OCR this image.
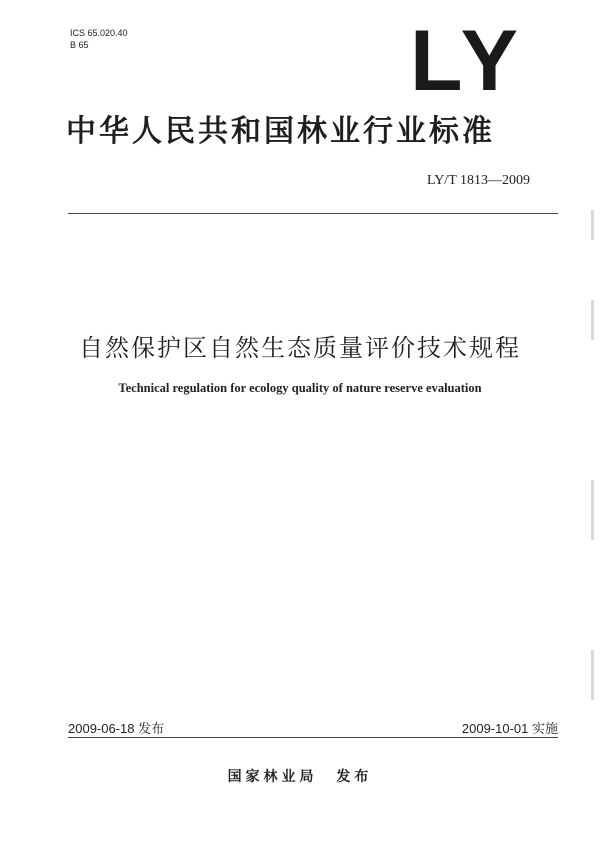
ICS 65.020.40
B 65	LY
中华人民共和国林业行业标准
LY/T 1813—2009
自然保护区自然生态质量评价技术规程
Technical regulation for ecology quality of nature reserve evaluation
2009-06-18 发布	2009-10-01 实施
国家林业局 发布
